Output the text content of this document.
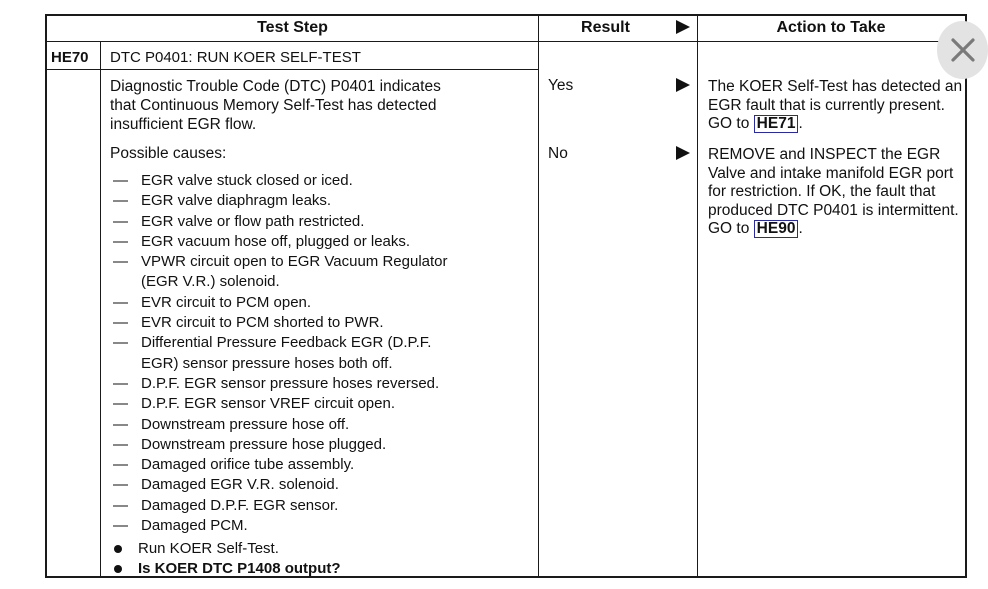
Test Step	Result	Action to Take
HE70 DTC P0401: RUN KOER SELF-TEST
Diagnostic Trouble Code (DTC) P0401 indicates
that Continuous Memory Self-Test has detected
insufficient EGR flow.
Possible causes:
— EGR valve stuck closed or iced.
— EGR valve diaphragm leaks.
— EGR valve or flow path restricted.
— EGR vacuum hose off, plugged or leaks.
— VPWR circuit open to EGR Vacuum Regulator
(EGR V.R.) solenoid.
— EVR circuit to PCM open.
— EVR circuit to PCM shorted to PWR.
— Differential Pressure Feedback EGR (D.P.F.
EGR) sensor pressure hoses both off.
— D.P.F. EGR sensor pressure hoses reversed.
— D.P.F. EGR sensor VREF circuit open.
— Downstream pressure hose off.
— Downstream pressure hose plugged.
— Damaged orifice tube assembly.
— Damaged EGR V.R. solenoid.
— Damaged D.P.F. EGR sensor.
— Damaged PCM.
Run KOER Self-Test.
Is KOER DTC P1408 output?
Yes	The KOER Self-Test has detected an EGR fault that is currently present. GO to HE71 .
No	REMOVE and INSPECT the EGR Valve and intake manifold EGR port for restriction. If OK, the fault that produced DTC P0401 is intermittent. GO to HE90 .
